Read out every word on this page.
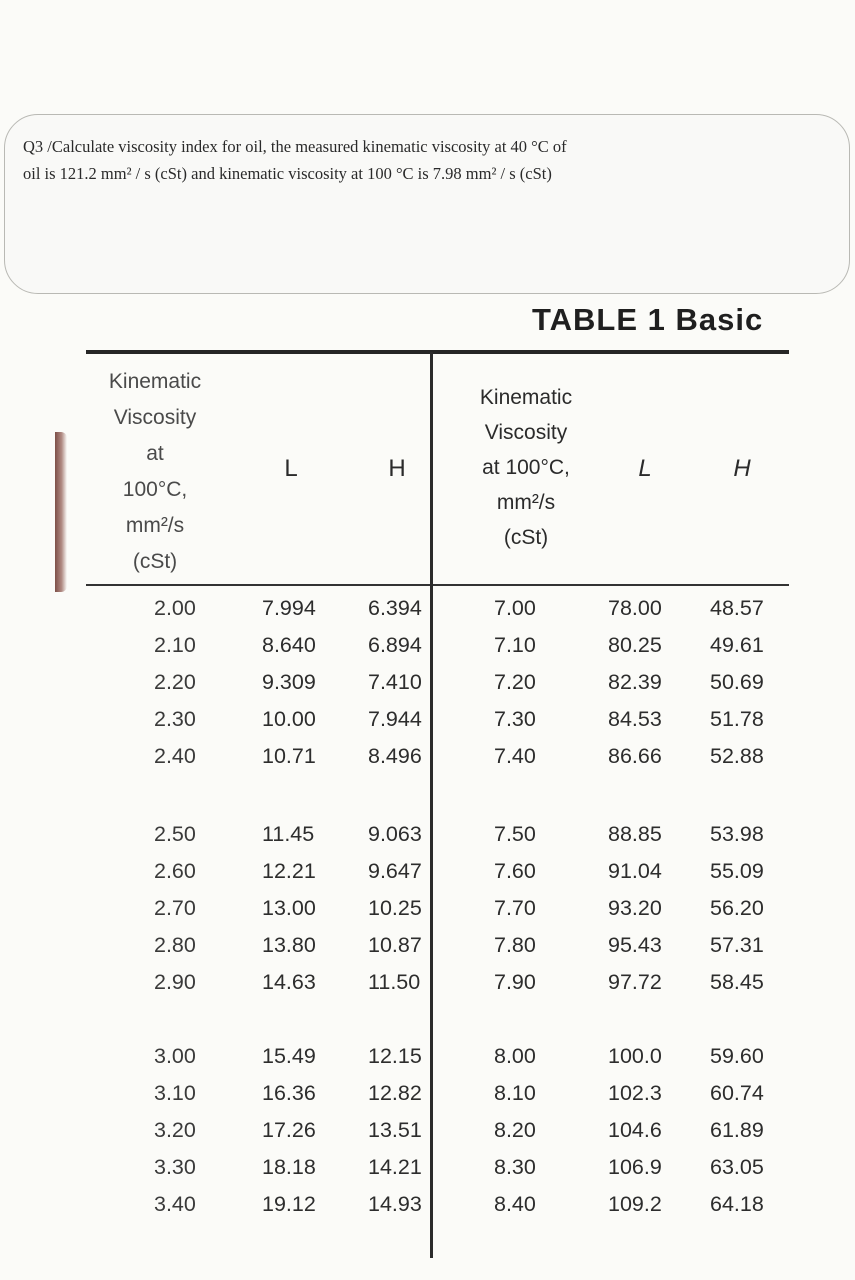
Q3 /Calculate viscosity index for oil, the measured kinematic viscosity at 40 °C of
oil is 121.2 mm² / s (cSt) and kinematic viscosity at 100 °C is 7.98 mm² / s (cSt)
TABLE 1 Basic
Kinematic
Viscosity
at
100°C,
mm²/s
(cSt)
L	H
Kinematic
Viscosity
at 100°C,
mm²/s
(cSt)
L	H
2.00	7.994	6.394	7.00	78.00	48.57
2.10	8.640	6.894	7.10	80.25	49.61
2.20	9.309	7.410	7.20	82.39	50.69
2.30	10.00	7.944	7.30	84.53	51.78
2.40	10.71	8.496	7.40	86.66	52.88
2.50	11.45	9.063	7.50	88.85	53.98
2.60	12.21	9.647	7.60	91.04	55.09
2.70	13.00	10.25	7.70	93.20	56.20
2.80	13.80	10.87	7.80	95.43	57.31
2.90	14.63	11.50	7.90	97.72	58.45
3.00	15.49	12.15	8.00	100.0	59.60
3.10	16.36	12.82	8.10	102.3	60.74
3.20	17.26	13.51	8.20	104.6	61.89
3.30	18.18	14.21	8.30	106.9	63.05
3.40	19.12	14.93	8.40	109.2	64.18
